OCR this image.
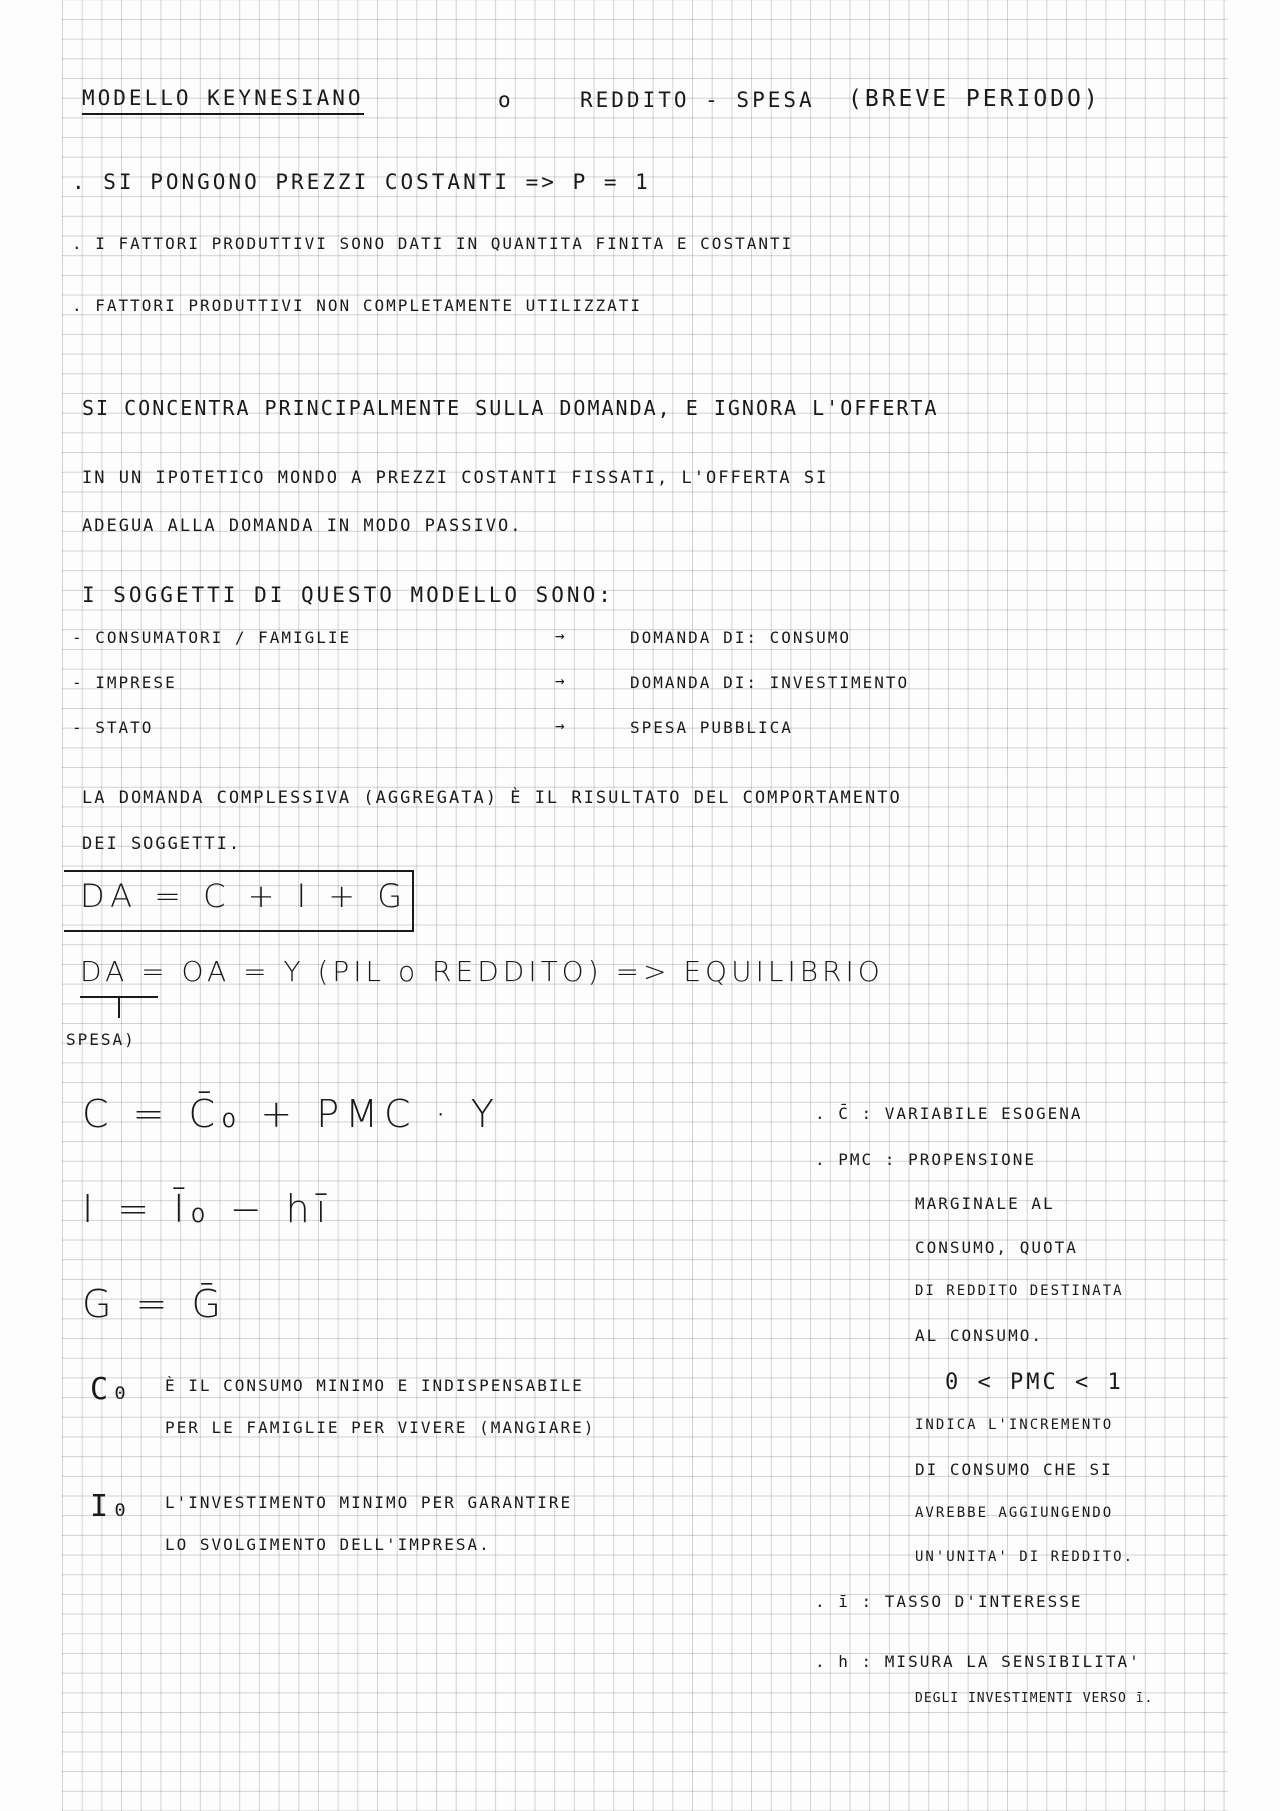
MODELLO KEYNESIANO	o	REDDITO - SPESA (BREVE PERIODO)
. SI PONGONO PREZZI COSTANTI => P = 1
. I FATTORI PRODUTTIVI SONO DATI IN QUANTITA FINITA E COSTANTI
. FATTORI PRODUTTIVI NON COMPLETAMENTE UTILIZZATI
SI CONCENTRA PRINCIPALMENTE SULLA DOMANDA, E IGNORA L'OFFERTA
IN UN IPOTETICO MONDO A PREZZI COSTANTI FISSATI, L'OFFERTA SI
ADEGUA ALLA DOMANDA IN MODO PASSIVO.
I SOGGETTI DI QUESTO MODELLO SONO:
- CONSUMATORI / FAMIGLIE	→	DOMANDA DI: CONSUMO
- IMPRESE	→	DOMANDA DI: INVESTIMENTO
- STATO	→	SPESA PUBBLICA
LA DOMANDA COMPLESSIVA (AGGREGATA) È IL RISULTATO DEL COMPORTAMENTO
DEI SOGGETTI.
DA = C + I + G
DA = OA = Y (PIL o REDDITO) => EQUILIBRIO
SPESA)
C = C̄₀ + PMC · Y
I = Ī₀ − hī
G = Ḡ
C₀ È IL CONSUMO MINIMO E INDISPENSABILE
PER LE FAMIGLIE PER VIVERE (MANGIARE)
I₀ L'INVESTIMENTO MINIMO PER GARANTIRE
LO SVOLGIMENTO DELL'IMPRESA.
. C̄ : VARIABILE ESOGENA
. PMC : PROPENSIONE
MARGINALE AL
CONSUMO, QUOTA
DI REDDITO DESTINATA
AL CONSUMO.
0 < PMC < 1
INDICA L'INCREMENTO
DI CONSUMO CHE SI
AVREBBE AGGIUNGENDO
UN'UNITA' DI REDDITO.
. ī : TASSO D'INTERESSE
. h : MISURA LA SENSIBILITA'
DEGLI INVESTIMENTI VERSO ī.
